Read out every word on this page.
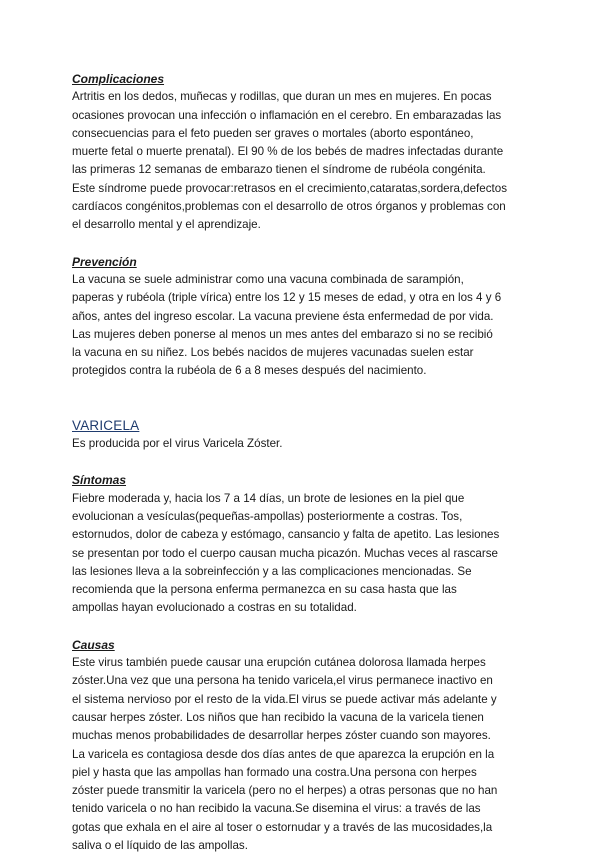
Complicaciones

Artritis en los dedos, muñecas y rodillas, que duran un mes en mujeres. En pocas
ocasiones provocan una infección o inflamación en el cerebro. En embarazadas las
consecuencias para el feto pueden ser graves o mortales (aborto espontáneo,
muerte fetal o muerte prenatal). El 90 % de los bebés de madres infectadas durante
las primeras 12 semanas de embarazo tienen el síndrome de rubéola congénita.
Este síndrome puede provocar:retrasos en el crecimiento,cataratas,sordera,defectos
cardíacos congénitos,problemas con el desarrollo de otros órganos y problemas con
el desarrollo mental y el aprendizaje.

Prevención

La vacuna se suele administrar como una vacuna combinada de sarampión,
paperas y rubéola (triple vírica) entre los 12 y 15 meses de edad, y otra en los 4 y 6
años, antes del ingreso escolar. La vacuna previene ésta enfermedad de por vida.
Las mujeres deben ponerse al menos un mes antes del embarazo si no se recibió
la vacuna en su niñez. Los bebés nacidos de mujeres vacunadas suelen estar
protegidos contra la rubéola de 6 a 8 meses después del nacimiento.

VARICELA

Es producida por el virus Varicela Zóster.

Síntomas

Fiebre moderada y, hacia los 7 a 14 días, un brote de lesiones en la piel que
evolucionan a vesículas(pequeñas-ampollas) posteriormente a costras. Tos,
estornudos, dolor de cabeza y estómago, cansancio y falta de apetito. Las lesiones
se presentan por todo el cuerpo causan mucha picazón. Muchas veces al rascarse
las lesiones lleva a la sobreinfección y a las complicaciones mencionadas. Se
recomienda que la persona enferma permanezca en su casa hasta que las
ampollas hayan evolucionado a costras en su totalidad.

Causas

Este virus también puede causar una erupción cutánea dolorosa llamada herpes
zóster.Una vez que una persona ha tenido varicela,el virus permanece inactivo en
el sistema nervioso por el resto de la vida.El virus se puede activar más adelante y
causar herpes zóster. Los niños que han recibido la vacuna de la varicela tienen
muchas menos probabilidades de desarrollar herpes zóster cuando son mayores.
La varicela es contagiosa desde dos días antes de que aparezca la erupción en la
piel y hasta que las ampollas han formado una costra.Una persona con herpes
zóster puede transmitir la varicela (pero no el herpes) a otras personas que no han
tenido varicela o no han recibido la vacuna.Se disemina el virus: a través de las
gotas que exhala en el aire al toser o estornudar y a través de las mucosidades,la
saliva o el líquido de las ampollas.
